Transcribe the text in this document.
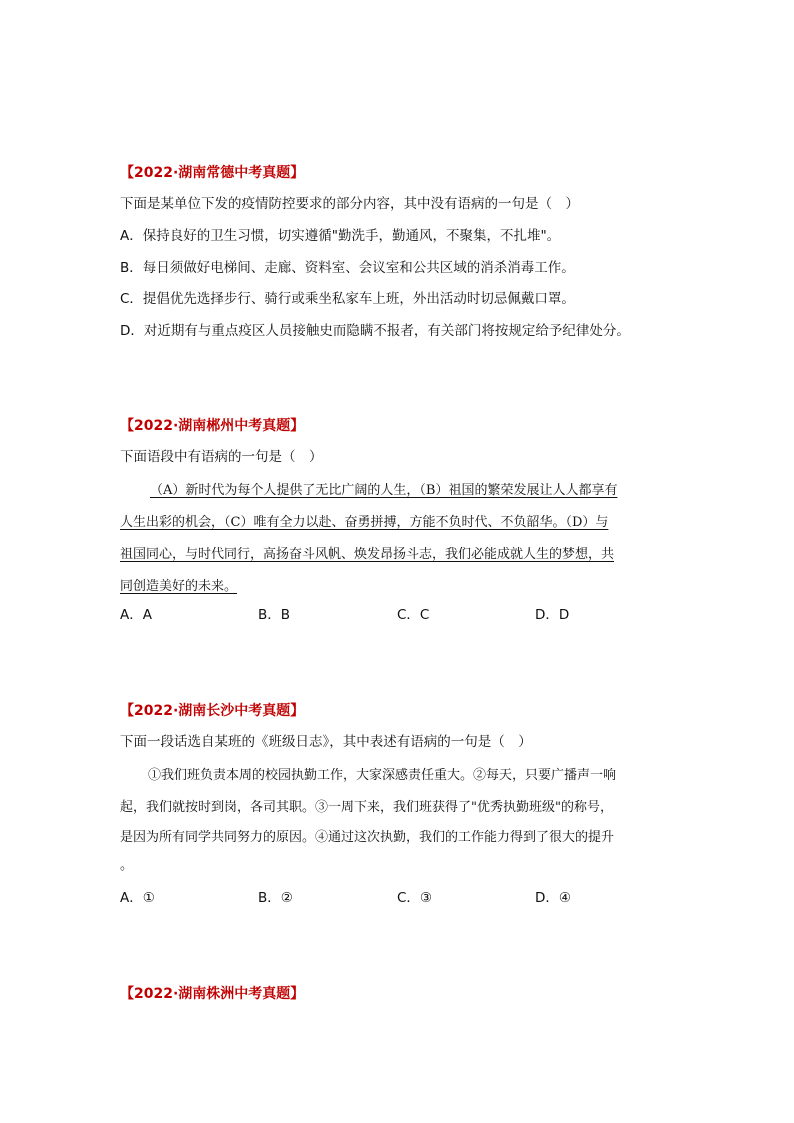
【2022·湖南常德中考真题】
下面是某单位下发的疫情防控要求的部分内容，其中没有语病的一句是（　）
A．保持良好的卫生习惯，切实遵循"勤洗手，勤通风，不聚集，不扎堆"。
B．每日须做好电梯间、走廊、资料室、会议室和公共区域的消杀消毒工作。
C．提倡优先选择步行、骑行或乘坐私家车上班，外出活动时切忌佩戴口罩。
D．对近期有与重点疫区人员接触史而隐瞒不报者，有关部门将按规定给予纪律处分。
【2022·湖南郴州中考真题】
下面语段中有语病的一句是（　）
（A）新时代为每个人提供了无比广阔的人生，（B）祖国的繁荣发展让人人都享有
人生出彩的机会，（C）唯有全力以赴、奋勇拼搏，方能不负时代、不负韶华。（D）与
祖国同心，与时代同行，高扬奋斗风帆、焕发昂扬斗志，我们必能成就人生的梦想，共
同创造美好的未来。
A．A	B．B	C．C	D．D
【2022·湖南长沙中考真题】
下面一段话选自某班的《班级日志》，其中表述有语病的一句是（　）
①我们班负责本周的校园执勤工作，大家深感责任重大。②每天，只要广播声一响
起，我们就按时到岗，各司其职。③一周下来，我们班获得了"优秀执勤班级"的称号，
是因为所有同学共同努力的原因。④通过这次执勤，我们的工作能力得到了很大的提升
。
A．①	B．②	C．③	D．④
【2022·湖南株洲中考真题】
